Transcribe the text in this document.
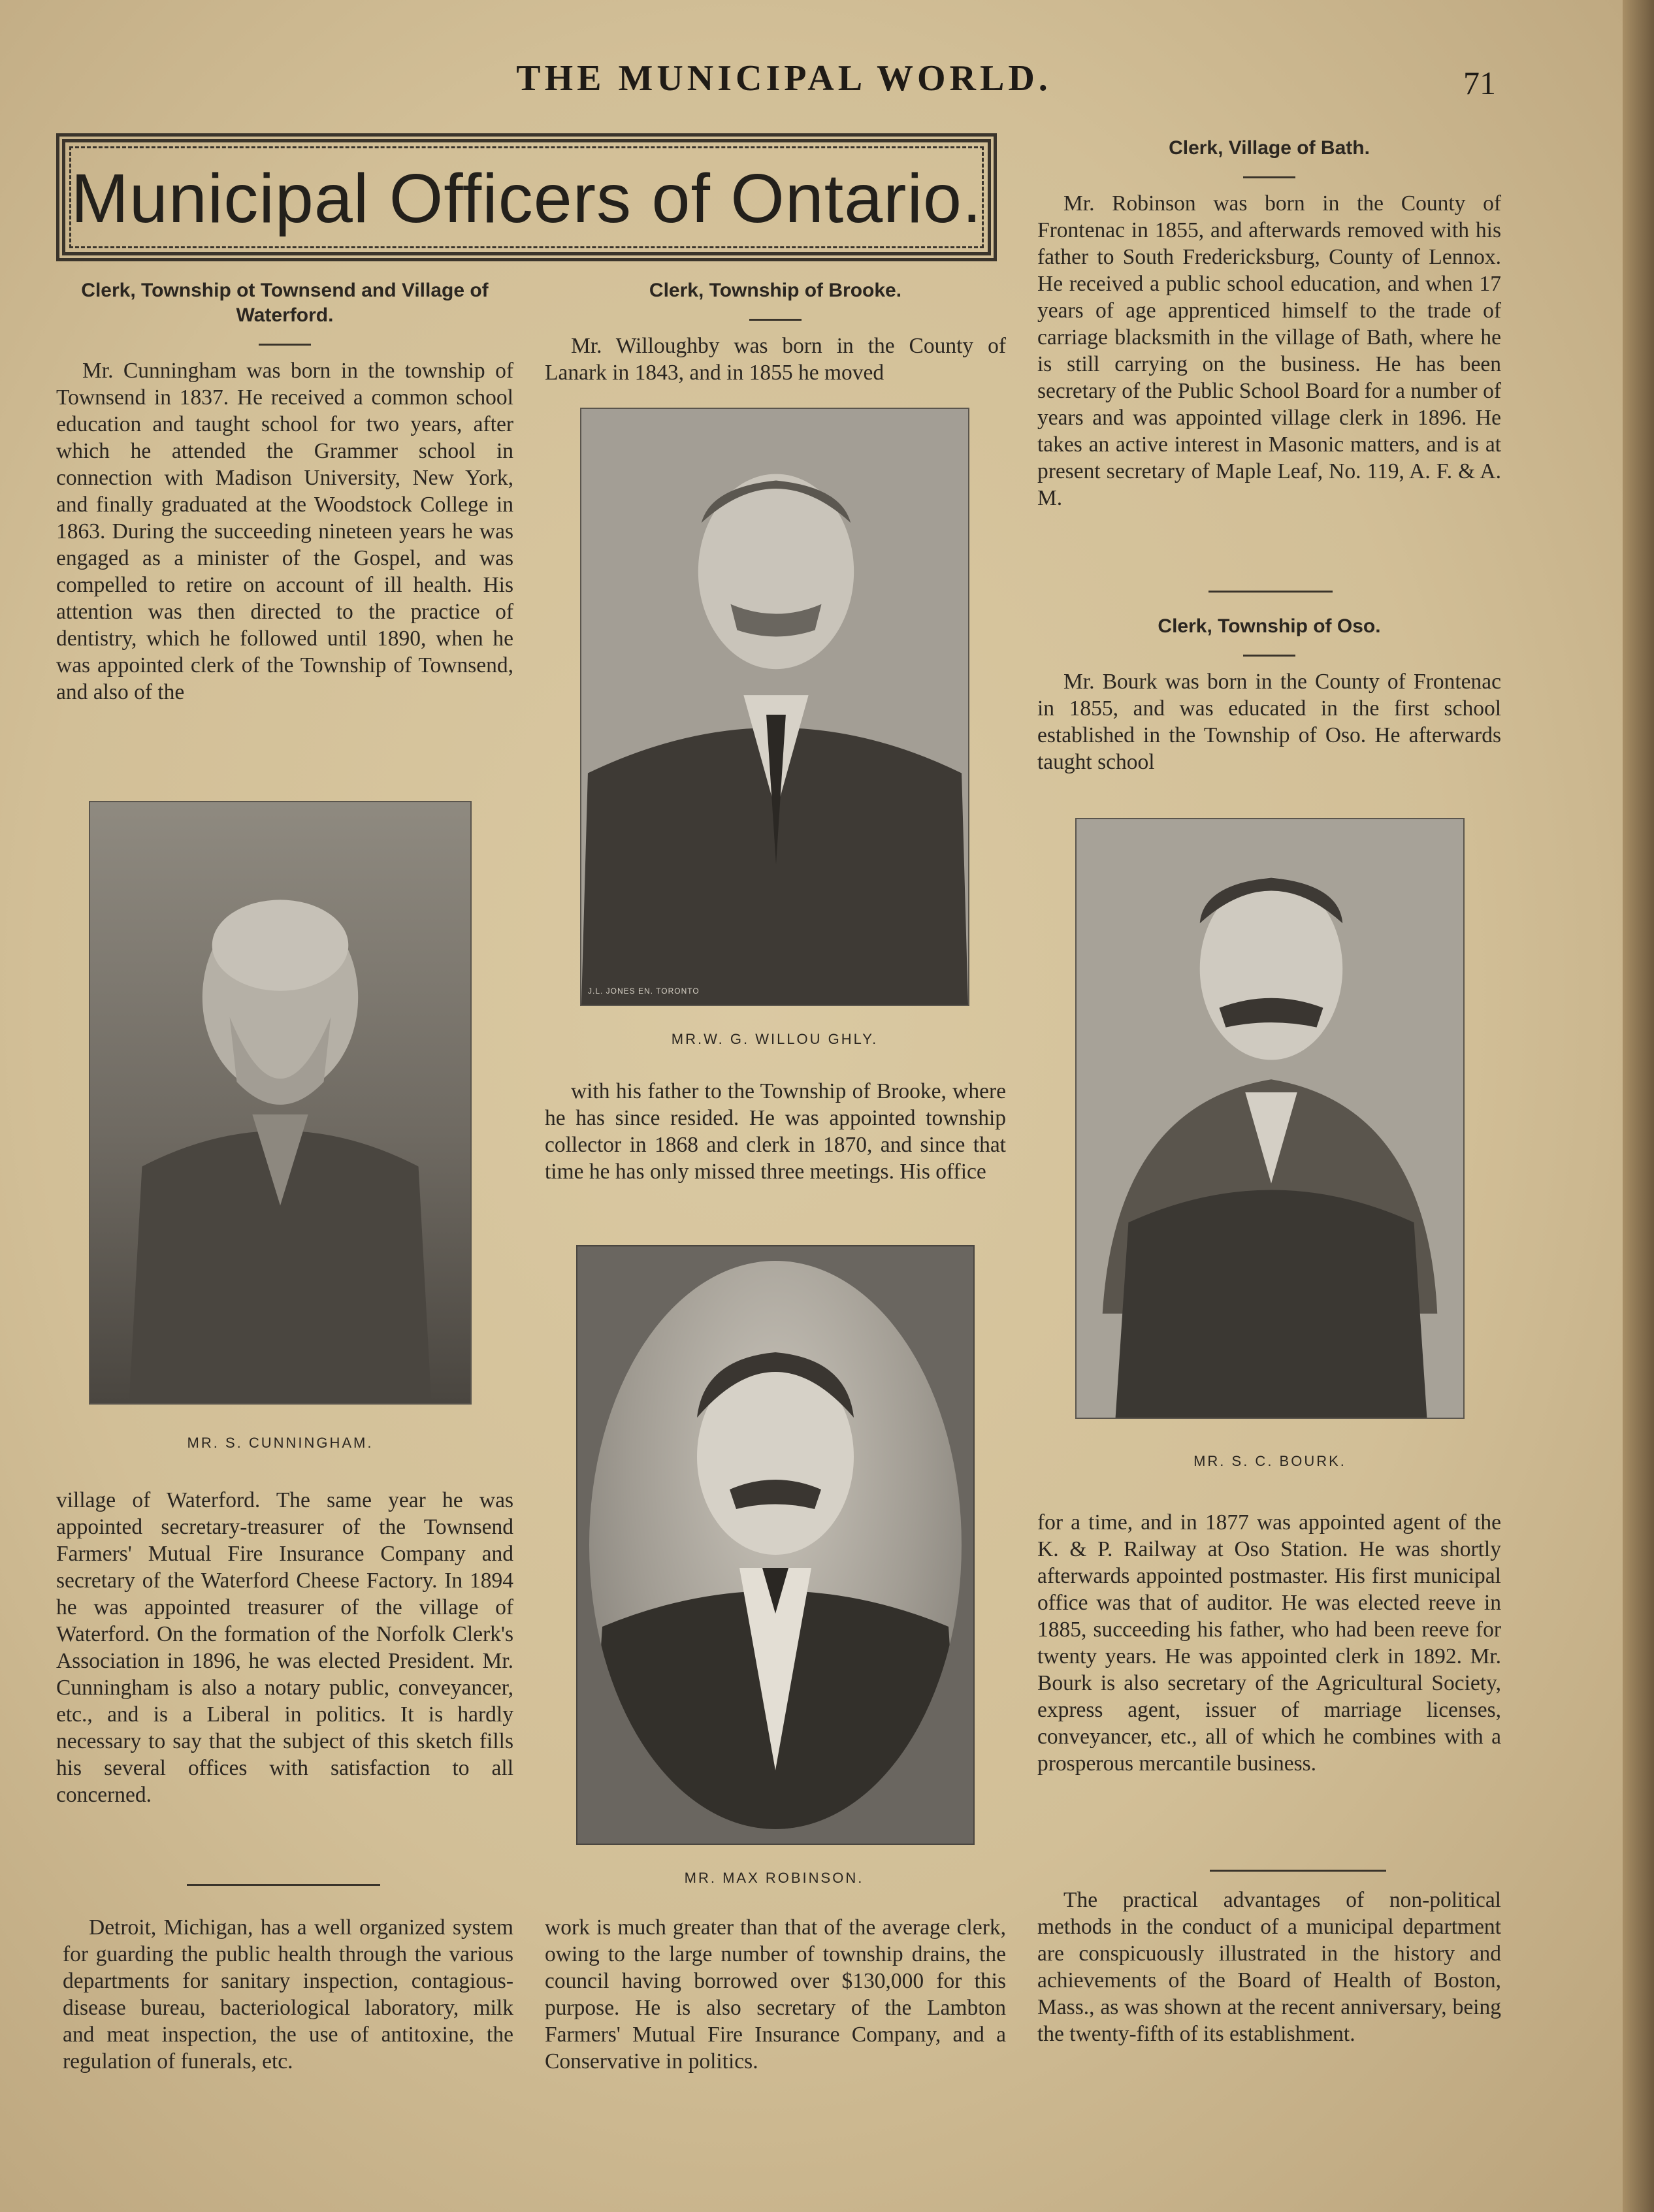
THE MUNICIPAL WORLD.	71
Municipal Officers of Ontario.
Clerk, Township ot Townsend and Village of Waterford.

Mr. Cunningham was born in the township of Townsend in 1837. He received a common school education and taught school for two years, after which he attended the Grammer school in connection with Madison University, New York, and finally graduated at the Woodstock College in 1863. During the succeeding nineteen years he was engaged as a minister of the Gospel, and was compelled to retire on account of ill health. His attention was then directed to the practice of dentistry, which he followed until 1890, when he was appointed clerk of the Township of Townsend, and also of the

MR. S. CUNNINGHAM.

village of Waterford. The same year he was appointed secretary-treasurer of the Townsend Farmers' Mutual Fire Insurance Company and secretary of the Waterford Cheese Factory. In 1894 he was appointed treasurer of the village of Waterford. On the formation of the Norfolk Clerk's Association in 1896, he was elected President. Mr. Cunningham is also a notary public, conveyancer, etc., and is a Liberal in politics. It is hardly necessary to say that the subject of this sketch fills his several offices with satisfaction to all concerned.

Detroit, Michigan, has a well organized system for guarding the public health through the various departments for sanitary inspection, contagious-disease bureau, bacteriological laboratory, milk and meat inspection, the use of antitoxine, the regulation of funerals, etc.

Clerk, Township of Brooke.

Mr. Willoughby was born in the County of Lanark in 1843, and in 1855 he moved

J.L. JONES EN. TORONTO
MR.W. G. WILLOU GHLY.

with his father to the Township of Brooke, where he has since resided. He was appointed township collector in 1868 and clerk in 1870, and since that time he has only missed three meetings. His office

MR. MAX ROBINSON.

work is much greater than that of the average clerk, owing to the large number of township drains, the council having borrowed over $130,000 for this purpose. He is also secretary of the Lambton Farmers' Mutual Fire Insurance Company, and a Conservative in politics.

Clerk, Village of Bath.

Mr. Robinson was born in the County of Frontenac in 1855, and afterwards removed with his father to South Fredericksburg, County of Lennox. He received a public school education, and when 17 years of age apprenticed himself to the trade of carriage blacksmith in the village of Bath, where he is still carrying on the business. He has been secretary of the Public School Board for a number of years and was appointed village clerk in 1896. He takes an active interest in Masonic matters, and is at present secretary of Maple Leaf, No. 119, A. F. & A. M.

Clerk, Township of Oso.

Mr. Bourk was born in the County of Frontenac in 1855, and was educated in the first school established in the Township of Oso. He afterwards taught school

MR. S. C. BOURK.

for a time, and in 1877 was appointed agent of the K. & P. Railway at Oso Station. He was shortly afterwards appointed postmaster. His first municipal office was that of auditor. He was elected reeve in 1885, succeeding his father, who had been reeve for twenty years. He was appointed clerk in 1892. Mr. Bourk is also secretary of the Agricultural Society, express agent, issuer of marriage licenses, conveyancer, etc., all of which he combines with a prosperous mercantile business.

The practical advantages of non-political methods in the conduct of a municipal department are conspicuously illustrated in the history and achievements of the Board of Health of Boston, Mass., as was shown at the recent anniversary, being the twenty-fifth of its establishment.
